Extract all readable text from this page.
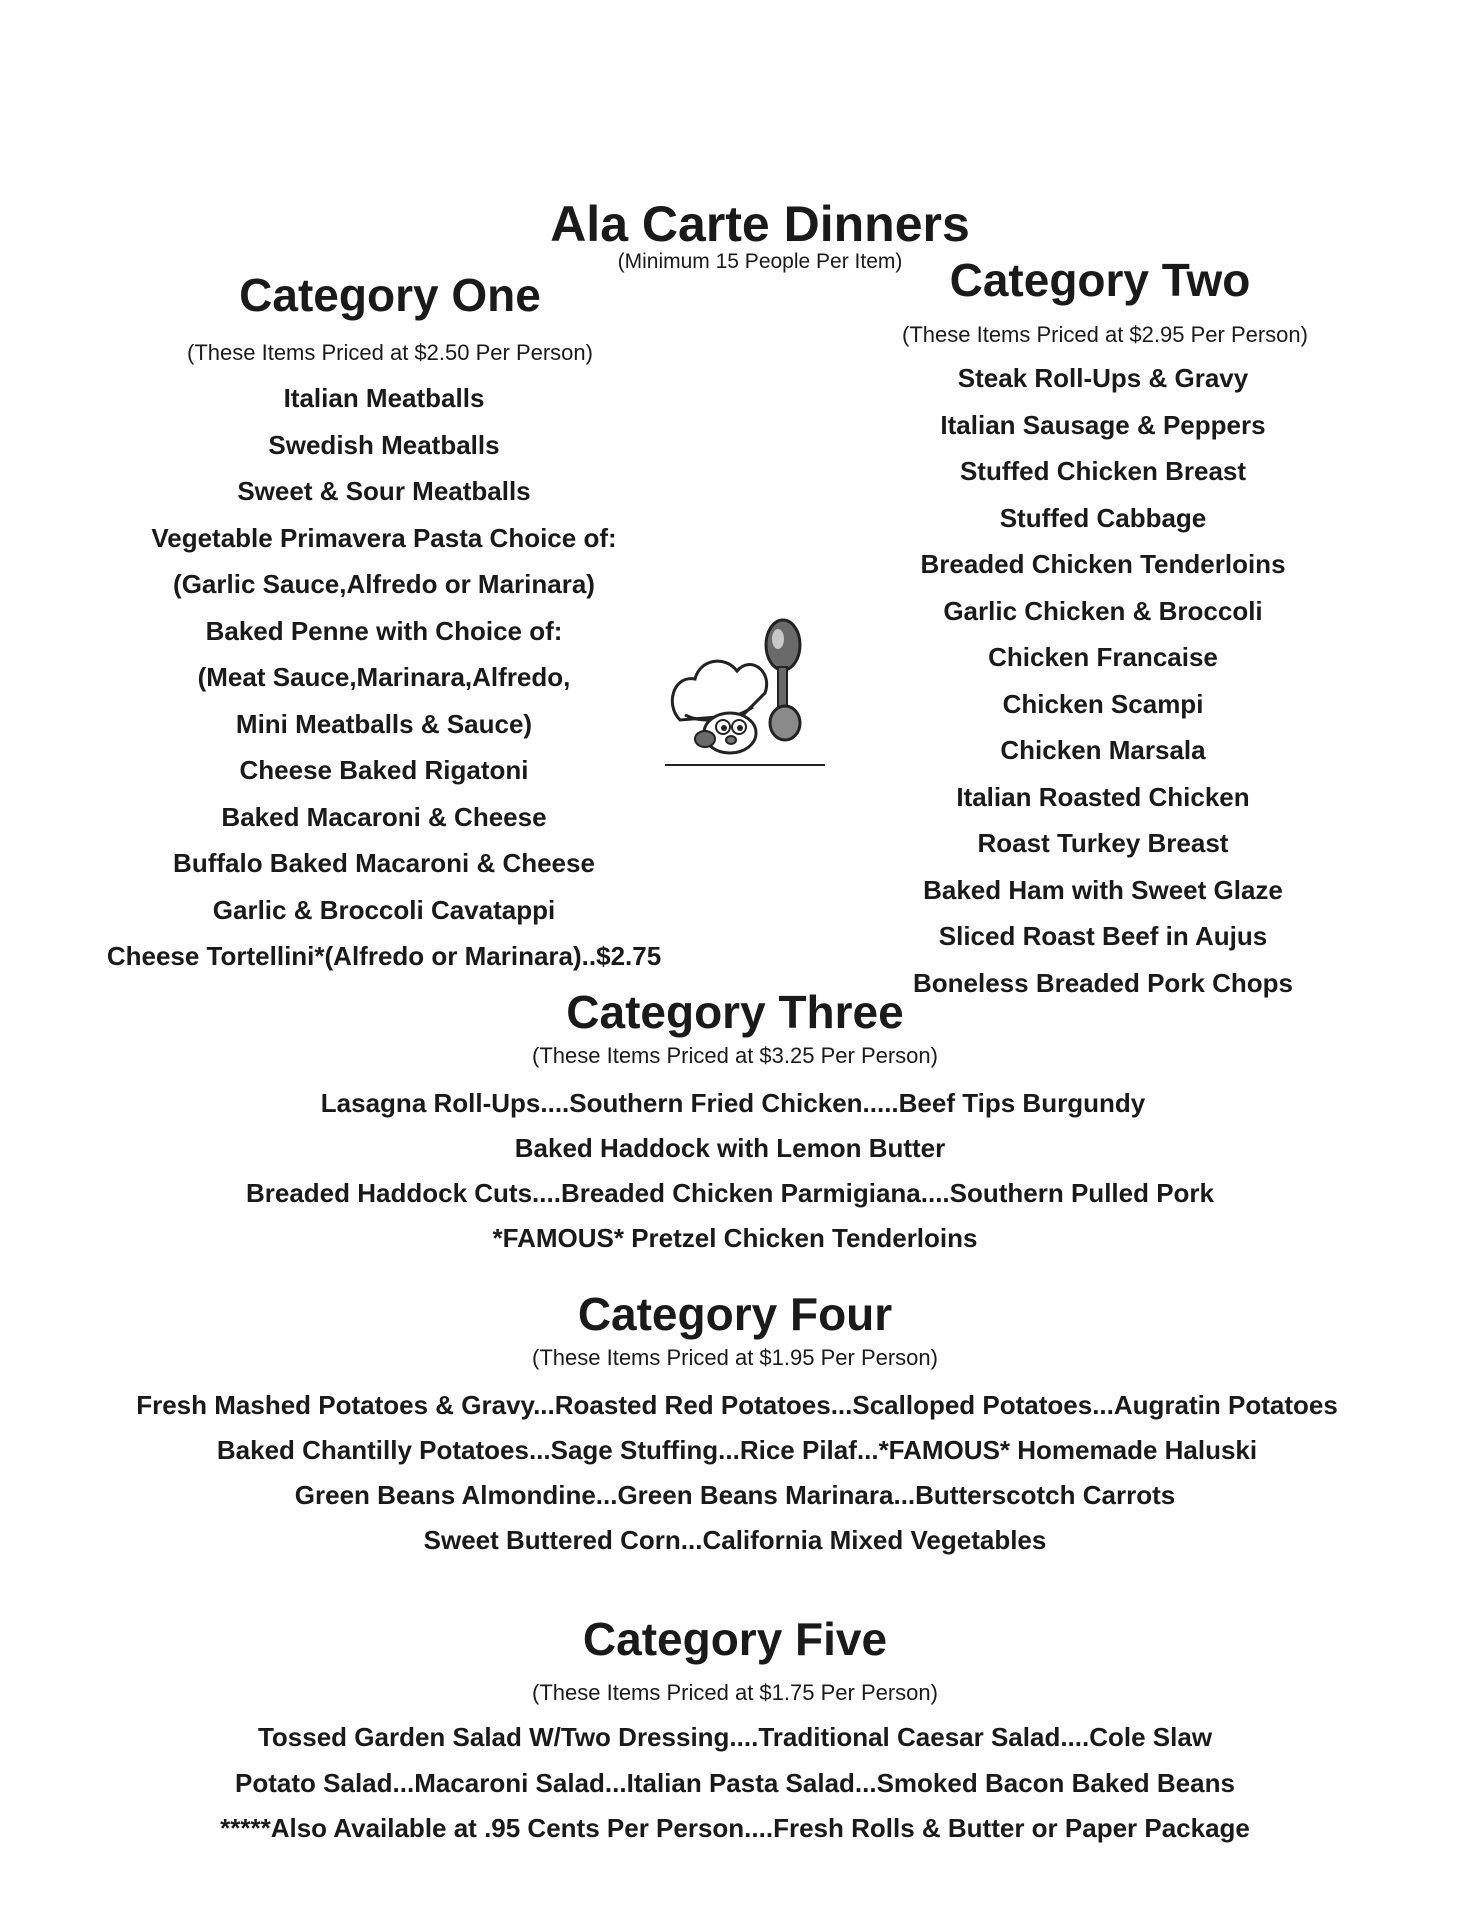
Ala Carte Dinners
(Minimum 15 People Per Item)
Category One
(These Items Priced at $2.50 Per Person)
Italian Meatballs
Swedish Meatballs
Sweet & Sour Meatballs
Vegetable Primavera Pasta Choice of:
(Garlic Sauce,Alfredo or Marinara)
Baked Penne with Choice of:
(Meat Sauce,Marinara,Alfredo,
Mini Meatballs & Sauce)
Cheese Baked Rigatoni
Baked Macaroni & Cheese
Buffalo Baked Macaroni & Cheese
Garlic & Broccoli Cavatappi
Cheese Tortellini*(Alfredo or Marinara)..$2.75
Category Two
(These Items Priced at $2.95 Per Person)
Steak Roll-Ups & Gravy
Italian Sausage & Peppers
Stuffed Chicken Breast
Stuffed Cabbage
Breaded Chicken Tenderloins
Garlic Chicken & Broccoli
Chicken Francaise
Chicken Scampi
Chicken Marsala
Italian Roasted Chicken
Roast Turkey Breast
Baked Ham with Sweet Glaze
Sliced Roast Beef in Aujus
Boneless Breaded Pork Chops
Category Three
(These Items Priced at $3.25 Per Person)
Lasagna Roll-Ups....Southern Fried Chicken.....Beef Tips Burgundy
Baked Haddock with Lemon Butter
Breaded Haddock Cuts....Breaded Chicken Parmigiana....Southern Pulled Pork
*FAMOUS* Pretzel Chicken Tenderloins
Category Four
(These Items Priced at $1.95 Per Person)
Fresh Mashed Potatoes & Gravy...Roasted Red Potatoes...Scalloped Potatoes...Augratin Potatoes
Baked Chantilly Potatoes...Sage Stuffing...Rice Pilaf...*FAMOUS* Homemade Haluski
Green Beans Almondine...Green Beans Marinara...Butterscotch Carrots
Sweet Buttered Corn...California Mixed Vegetables
Category Five
(These Items Priced at $1.75 Per Person)
Tossed Garden Salad W/Two Dressing....Traditional Caesar Salad....Cole Slaw
Potato Salad...Macaroni Salad...Italian Pasta Salad...Smoked Bacon Baked Beans
*****Also Available at .95 Cents Per Person....Fresh Rolls & Butter or Paper Package
